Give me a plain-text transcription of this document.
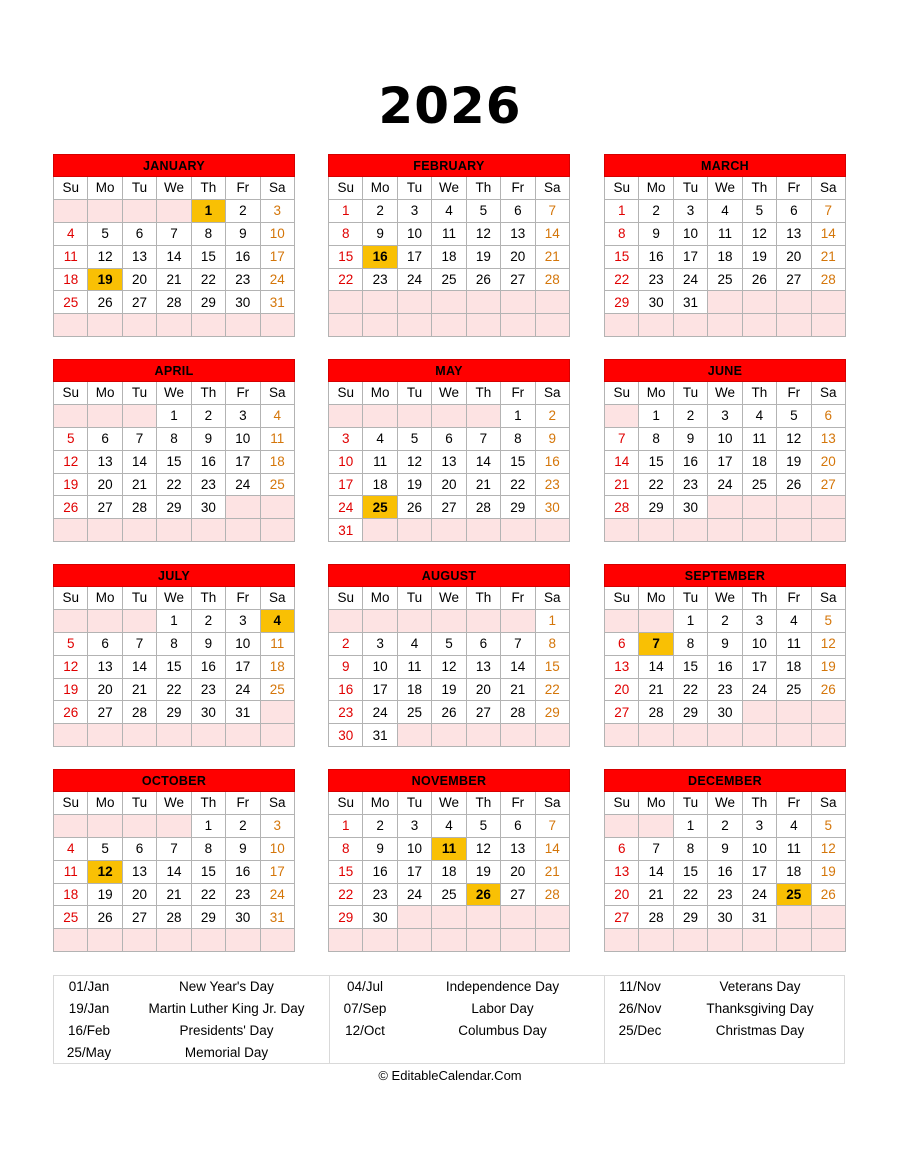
2026
JANUARY						
Su	Mo	Tu	We	Th	Fr	Sa
				1	2	3
4	5	6	7	8	9	10
11	12	13	14	15	16	17
18	19	20	21	22	23	24
25	26	27	28	29	30	31

FEBRUARY						
Su	Mo	Tu	We	Th	Fr	Sa
1	2	3	4	5	6	7
8	9	10	11	12	13	14
15	16	17	18	19	20	21
22	23	24	25	26	27	28

MARCH						
Su	Mo	Tu	We	Th	Fr	Sa
1	2	3	4	5	6	7
8	9	10	11	12	13	14
15	16	17	18	19	20	21
22	23	24	25	26	27	28
29	30	31				

APRIL						
Su	Mo	Tu	We	Th	Fr	Sa
			1	2	3	4
5	6	7	8	9	10	11
12	13	14	15	16	17	18
19	20	21	22	23	24	25
26	27	28	29	30		

MAY						
Su	Mo	Tu	We	Th	Fr	Sa
					1	2
3	4	5	6	7	8	9
10	11	12	13	14	15	16
17	18	19	20	21	22	23
24	25	26	27	28	29	30
31						
JUNE						
Su	Mo	Tu	We	Th	Fr	Sa
	1	2	3	4	5	6
7	8	9	10	11	12	13
14	15	16	17	18	19	20
21	22	23	24	25	26	27
28	29	30				

JULY						
Su	Mo	Tu	We	Th	Fr	Sa
			1	2	3	4
5	6	7	8	9	10	11
12	13	14	15	16	17	18
19	20	21	22	23	24	25
26	27	28	29	30	31	

AUGUST						
Su	Mo	Tu	We	Th	Fr	Sa
						1
2	3	4	5	6	7	8
9	10	11	12	13	14	15
16	17	18	19	20	21	22
23	24	25	26	27	28	29
30	31					
SEPTEMBER						
Su	Mo	Tu	We	Th	Fr	Sa
		1	2	3	4	5
6	7	8	9	10	11	12
13	14	15	16	17	18	19
20	21	22	23	24	25	26
27	28	29	30			

OCTOBER						
Su	Mo	Tu	We	Th	Fr	Sa
				1	2	3
4	5	6	7	8	9	10
11	12	13	14	15	16	17
18	19	20	21	22	23	24
25	26	27	28	29	30	31

NOVEMBER						
Su	Mo	Tu	We	Th	Fr	Sa
1	2	3	4	5	6	7
8	9	10	11	12	13	14
15	16	17	18	19	20	21
22	23	24	25	26	27	28
29	30					

DECEMBER						
Su	Mo	Tu	We	Th	Fr	Sa
		1	2	3	4	5
6	7	8	9	10	11	12
13	14	15	16	17	18	19
20	21	22	23	24	25	26
27	28	29	30	31		

01/Jan	New Year's Day
19/Jan	Martin Luther King Jr. Day
16/Feb	Presidents' Day
25/May	Memorial Day
04/Jul	Independence Day
07/Sep	Labor Day
12/Oct	Columbus Day
11/Nov	Veterans Day
26/Nov	Thanksgiving Day
25/Dec	Christmas Day
© EditableCalendar.Com
